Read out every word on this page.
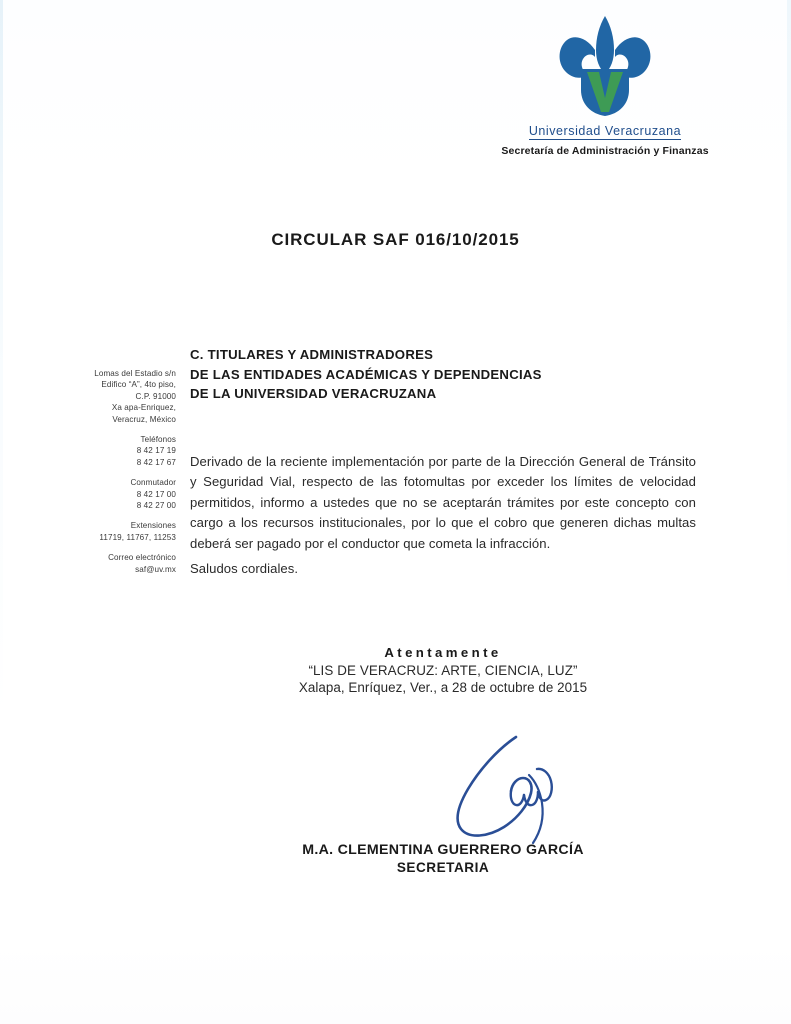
Universidad Veracruzana
Secretaría de Administración y Finanzas
CIRCULAR SAF 016/10/2015
Lomas del Estadio s/n
Edifico “A”, 4to piso,
C.P. 91000
Xa apa-Enriquez,
Veracruz, México
Teléfonos
8 42 17 19
8 42 17 67
Conmutador
8 42 17 00
8 42 27 00
Extensiones
11719, 11767, 11253
Correo electrónico
saf@uv.mx
C. TITULARES Y ADMINISTRADORES
DE LAS ENTIDADES ACADÉMICAS Y DEPENDENCIAS
DE LA UNIVERSIDAD VERACRUZANA

Derivado de la reciente implementación por parte de la Dirección General de Tránsito y Seguridad Vial, respecto de las fotomultas por exceder los límites de velocidad permitidos, informo a ustedes que no se aceptarán trámites por este concepto con cargo a los recursos institucionales, por lo que el cobro que generen dichas multas deberá ser pagado por el conductor que cometa la infracción.

Saludos cordiales.
Atentamente
“LIS DE VERACRUZ: ARTE, CIENCIA, LUZ”
Xalapa, Enríquez, Ver., a 28 de octubre de 2015
M.A. CLEMENTINA GUERRERO GARCÍA
SECRETARIA
